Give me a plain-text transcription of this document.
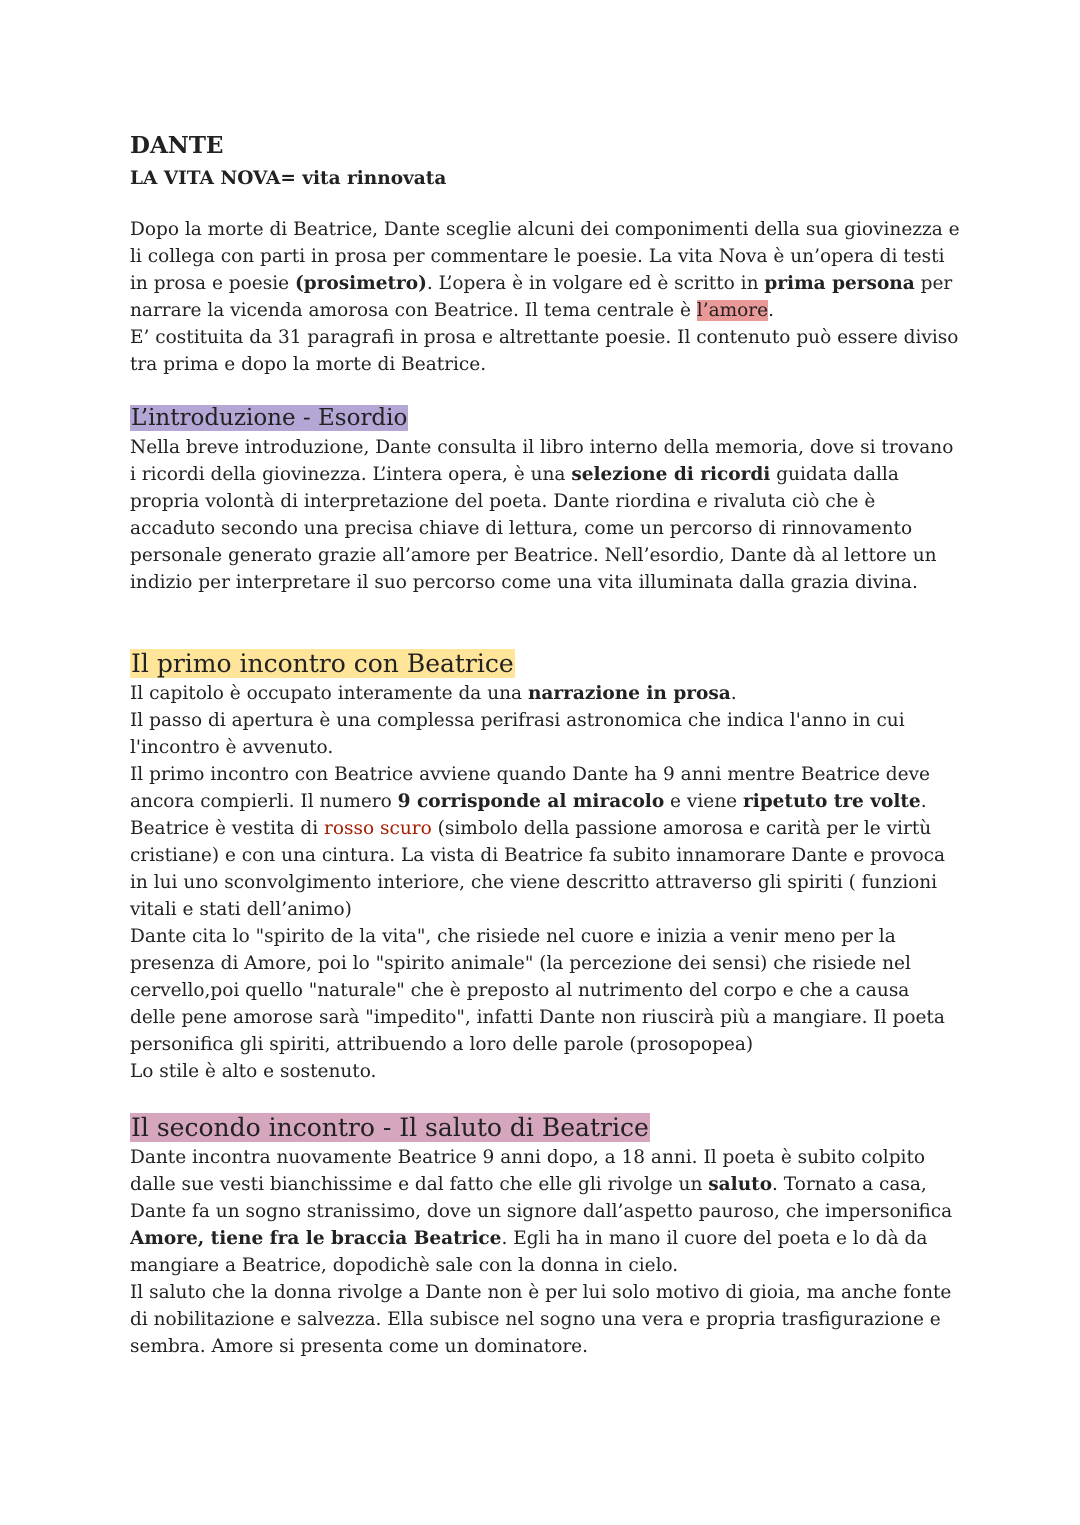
DANTE
LA VITA NOVA= vita rinnovata

Dopo la morte di Beatrice, Dante sceglie alcuni dei componimenti della sua giovinezza e li collega con parti in prosa per commentare le poesie. La vita Nova è un’opera di testi in prosa e poesie (prosimetro). L’opera è in volgare ed è scritto in prima persona per narrare la vicenda amorosa con Beatrice. Il tema centrale è l’amore.

E’ costituita da 31 paragrafi in prosa e altrettante poesie. Il contenuto può essere diviso tra prima e dopo la morte di Beatrice.

L’introduzione - Esordio

Nella breve introduzione, Dante consulta il libro interno della memoria, dove si trovano i ricordi della giovinezza. L’intera opera, è una selezione di ricordi guidata dalla propria volontà di interpretazione del poeta. Dante riordina e rivaluta ciò che è accaduto secondo una precisa chiave di lettura, come un percorso di rinnovamento personale generato grazie all’amore per Beatrice. Nell’esordio, Dante dà al lettore un indizio per interpretare il suo percorso come una vita illuminata dalla grazia divina.

Il primo incontro con Beatrice

Il capitolo è occupato interamente da una narrazione in prosa.

Il passo di apertura è una complessa perifrasi astronomica che indica l'anno in cui l'incontro è avvenuto.

Il primo incontro con Beatrice avviene quando Dante ha 9 anni mentre Beatrice deve ancora compierli. Il numero 9 corrisponde al miracolo e viene ripetuto tre volte.

Beatrice è vestita di rosso scuro (simbolo della passione amorosa e carità per le virtù cristiane) e con una cintura. La vista di Beatrice fa subito innamorare Dante e provoca in lui uno sconvolgimento interiore, che viene descritto attraverso gli spiriti ( funzioni vitali e stati dell’animo)

Dante cita lo "spirito de la vita", che risiede nel cuore e inizia a venir meno per la presenza di Amore, poi lo "spirito animale" (la percezione dei sensi) che risiede nel cervello,poi quello "naturale" che è preposto al nutrimento del corpo e che a causa delle pene amorose sarà "impedito", infatti Dante non riuscirà più a mangiare. Il poeta personifica gli spiriti, attribuendo a loro delle parole (prosopopea)

Lo stile è alto e sostenuto.

Il secondo incontro - Il saluto di Beatrice

Dante incontra nuovamente Beatrice 9 anni dopo, a 18 anni. Il poeta è subito colpito dalle sue vesti bianchissime e dal fatto che elle gli rivolge un saluto. Tornato a casa, Dante fa un sogno stranissimo, dove un signore dall’aspetto pauroso, che impersonifica Amore, tiene fra le braccia Beatrice. Egli ha in mano il cuore del poeta e lo dà da mangiare a Beatrice, dopodichè sale con la donna in cielo.

Il saluto che la donna rivolge a Dante non è per lui solo motivo di gioia, ma anche fonte di nobilitazione e salvezza. Ella subisce nel sogno una vera e propria trasfigurazione e sembra. Amore si presenta come un dominatore.
